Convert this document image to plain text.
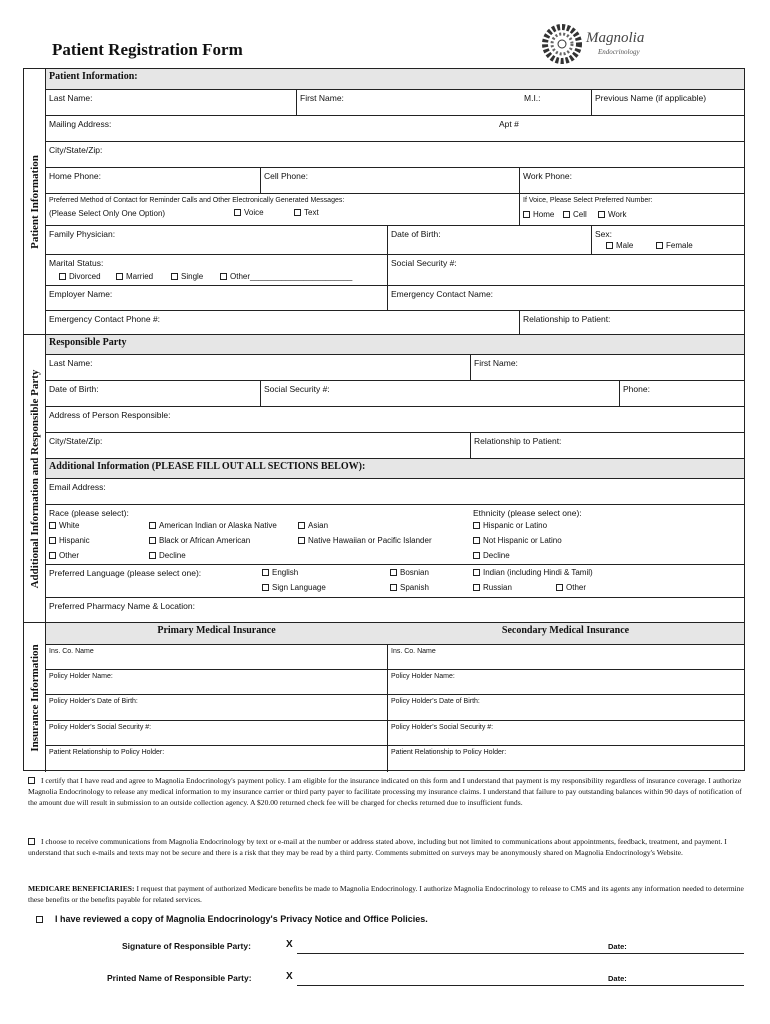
Patient Registration Form
Magnolia
Endocrinology
Patient Information
Additional Information and Responsible Party
Insurance Information
Patient Information:
Last Name:	First Name:	M.I.:	Previous Name (if applicable)
Mailing Address:	Apt #
City/State/Zip:
Home Phone:	Cell Phone:	Work Phone:
Preferred Method of Contact for Reminder Calls and Other Electronically Generated Messages:
(Please Select Only One Option)	Voice	Text
If Voice, Please Select Preferred Number:
Home	Cell	Work
Family Physician:	Date of Birth:	Sex:
Male	Female
Marital Status:
Divorced	Married	Single	Other_______________________
Social Security #:
Employer Name:	Emergency Contact Name:
Emergency Contact Phone #:	Relationship to Patient:
Responsible Party
Last Name:	First Name:
Date of Birth:	Social Security #:	Phone:
Address of Person Responsible:
City/State/Zip:	Relationship to Patient:
Additional Information (PLEASE FILL OUT ALL SECTIONS BELOW):
Email Address:
Race (please select):
White	American Indian or Alaska Native	Asian
Hispanic	Black or African American	Native Hawaiian or Pacific Islander
Other	Decline
Ethnicity (please select one):
Hispanic or Latino
Not Hispanic or Latino
Decline
Preferred Language (please select one):	English
Sign Language
Bosnian
Spanish
Indian (including Hindi & Tamil)
Russian	Other
Preferred Pharmacy Name & Location:
Primary Medical Insurance	Secondary Medical Insurance
Ins. Co. Name	Ins. Co. Name
Policy Holder Name:	Policy Holder Name:
Policy Holder's Date of Birth:	Policy Holder's Date of Birth:
Policy Holder's Social Security #:	Policy Holder's Social Security #:
Patient Relationship to Policy Holder:	Patient Relationship to Policy Holder:
I certify that I have read and agree to Magnolia Endocrinology's payment policy. I am eligible for the insurance indicated on this form and I understand that payment is my responsibility regardless of insurance coverage. I authorize Magnolia Endocrinology to release any medical information to my insurance carrier or third party payer to facilitate processing my insurance claims. I understand that failure to pay outstanding balances within 90 days of notification of the amount due will result in submission to an outside collection agency. A $20.00 returned check fee will be charged for checks returned due to insufficient funds.
I choose to receive communications from Magnolia Endocrinology by text or e-mail at the number or address stated above, including but not limited to communications about appointments, feedback, treatment, and payment. I understand that such e-mails and texts may not be secure and there is a risk that they may be read by a third party. Comments submitted on surveys may be anonymously shared on Magnolia Endocrinology's Website.
MEDICARE BENEFICIARIES: I request that payment of authorized Medicare benefits be made to Magnolia Endocrinology. I authorize Magnolia Endocrinology to release to CMS and its agents any information needed to determine these benefits or the benefits payable for related services.
I have reviewed a copy of Magnolia Endocrinology's Privacy Notice and Office Policies.
Signature of Responsible Party:	X	Date:
Printed Name of Responsible Party:	X	Date:
